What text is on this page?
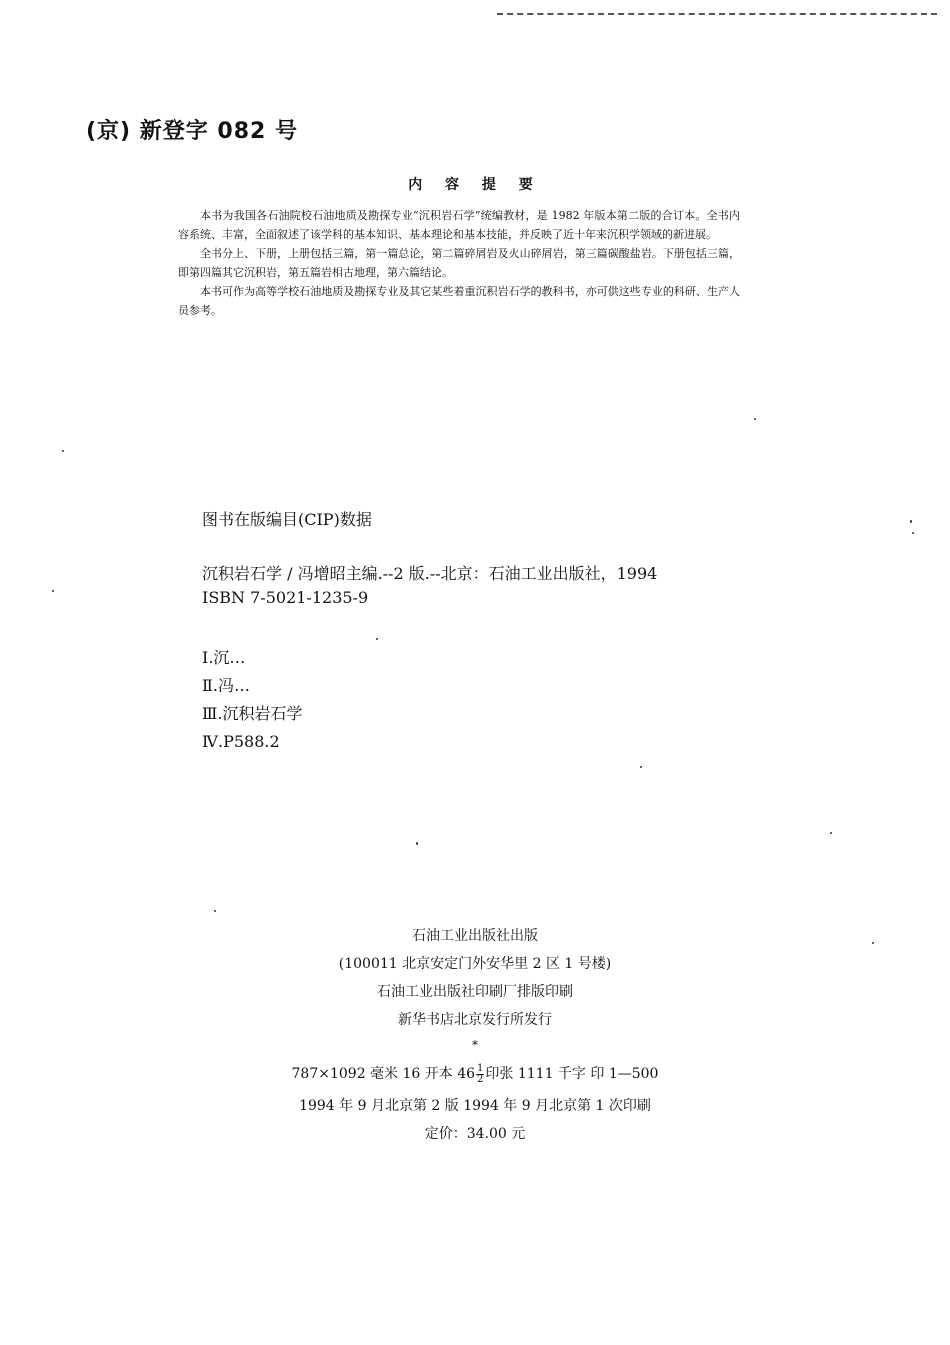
(京) 新登字 082 号
内 容 提 要

本书为我国各石油院校石油地质及勘探专业“沉积岩石学”统编教材，是 1982 年版本第二版的合订本。全书内容系统、丰富，全面叙述了该学科的基本知识、基本理论和基本技能，并反映了近十年来沉积学领域的新进展。

全书分上、下册，上册包括三篇，第一篇总论，第二篇碎屑岩及火山碎屑岩，第三篇碳酸盐岩。下册包括三篇，即第四篇其它沉积岩，第五篇岩相古地理，第六篇结论。

本书可作为高等学校石油地质及勘探专业及其它某些着重沉积岩石学的教科书，亦可供这些专业的科研、生产人员参考。

图书在版编目(CIP)数据
沉积岩石学 / 冯增昭主编.--2 版.--北京：石油工业出版社，1994
ISBN 7-5021-1235-9
Ⅰ.沉…
Ⅱ.冯…
Ⅲ.沉积岩石学
Ⅳ.P588.2
石油工业出版社出版
(100011 北京安定门外安华里 2 区 1 号楼)
石油工业出版社印刷厂排版印刷
新华书店北京发行所发行
*
787×1092 毫米 16 开本 $46 \frac{1}{2}$ 印张 1111 千字 印 1—500
1994 年 9 月北京第 2 版 1994 年 9 月北京第 1 次印刷
定价：34.00 元
